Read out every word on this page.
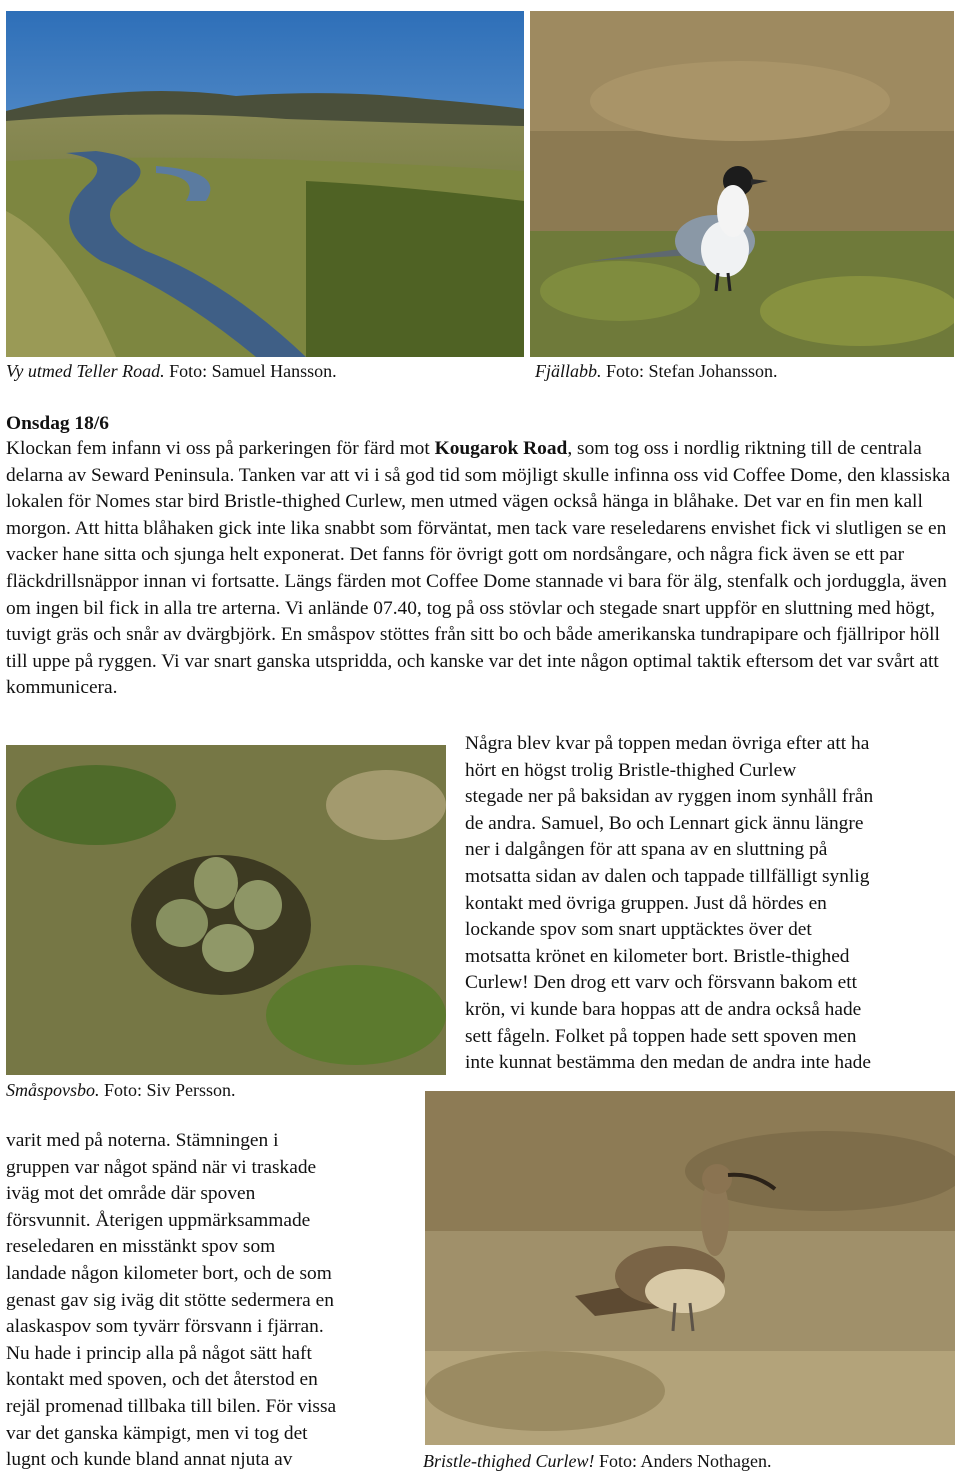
Vy utmed Teller Road. Foto: Samuel Hansson.	Fjällabb. Foto: Stefan Johansson.
Onsdag 18/6

Klockan fem infann vi oss på parkeringen för färd mot Kougarok Road, som tog oss i nordlig riktning till de centrala delarna av Seward Peninsula. Tanken var att vi i så god tid som möjligt skulle infinna oss vid Coffee Dome, den klassiska lokalen för Nomes star bird Bristle-thighed Curlew, men utmed vägen också hänga in blåhake. Det var en fin men kall morgon. Att hitta blåhaken gick inte lika snabbt som förväntat, men tack vare reseledarens envishet fick vi slutligen se en vacker hane sitta och sjunga helt exponerat. Det fanns för övrigt gott om nordsångare, och några fick även se ett par fläckdrillsnäppor innan vi fortsatte. Längs färden mot Coffee Dome stannade vi bara för älg, stenfalk och jorduggla, även om ingen bil fick in alla tre arterna. Vi anlände 07.40, tog på oss stövlar och stegade snart uppför en sluttning med högt, tuvigt gräs och snår av dvärgbjörk. En småspov stöttes från sitt bo och både amerikanska tundrapipare och fjällripor höll till uppe på ryggen. Vi var snart ganska utspridda, och kanske var det inte någon optimal taktik eftersom det var svårt att kommunicera.

Småspovsbo. Foto: Siv Persson.

Några blev kvar på toppen medan övriga efter att ha

hört en högst trolig Bristle-thighed Curlew

stegade ner på baksidan av ryggen inom synhåll från

de andra. Samuel, Bo och Lennart gick ännu längre

ner i dalgången för att spana av en sluttning på

motsatta sidan av dalen och tappade tillfälligt synlig

kontakt med övriga gruppen. Just då hördes en

lockande spov som snart upptäcktes över det

motsatta krönet en kilometer bort. Bristle-thighed

Curlew! Den drog ett varv och försvann bakom ett

krön, vi kunde bara hoppas att de andra också hade

sett fågeln. Folket på toppen hade sett spoven men

inte kunnat bestämma den medan de andra inte hade

Bristle-thighed Curlew! Foto: Anders Nothagen.

varit med på noterna. Stämningen i

gruppen var något spänd när vi traskade

iväg mot det område där spoven

försvunnit. Återigen uppmärksammade

reseledaren en misstänkt spov som

landade någon kilometer bort, och de som

genast gav sig iväg dit stötte sedermera en

alaskaspov som tyvärr försvann i fjärran.

Nu hade i princip alla på något sätt haft

kontakt med spoven, och det återstod en

rejäl promenad tillbaka till bilen. För vissa

var det ganska kämpigt, men vi tog det

lugnt och kunde bland annat njuta av
